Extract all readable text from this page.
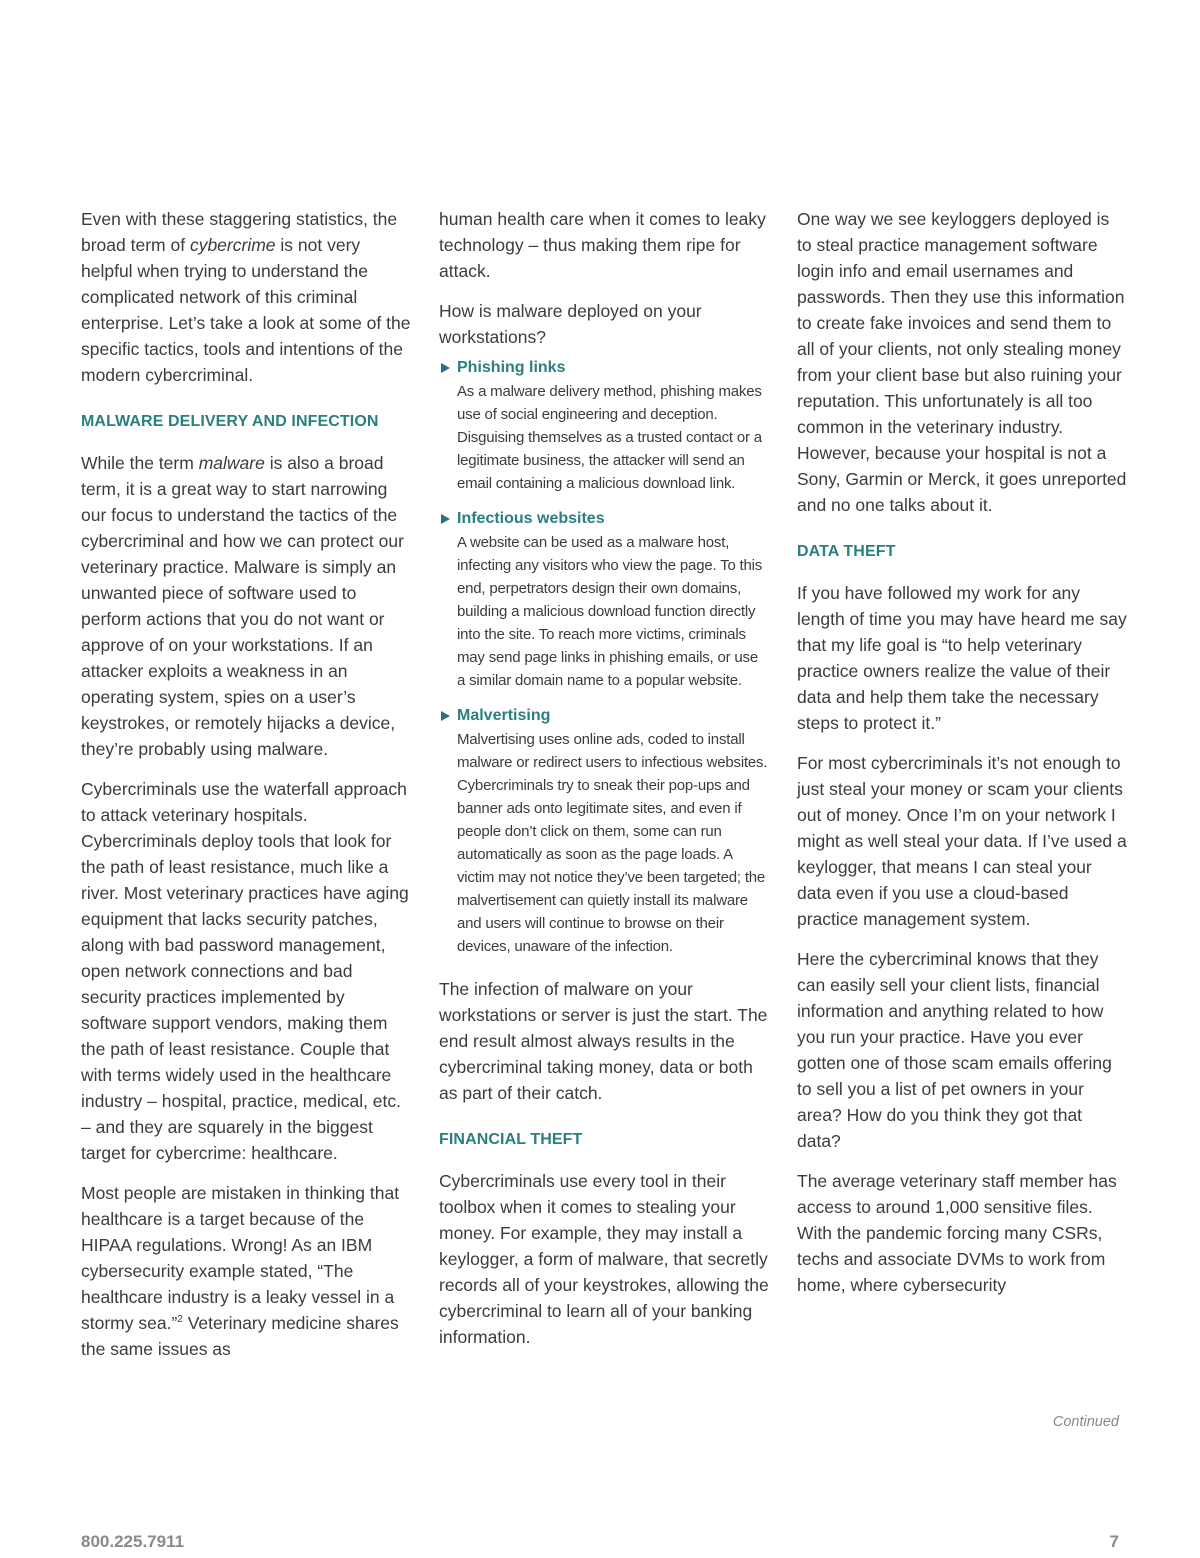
Even with these staggering statistics, the broad term of cybercrime is not very helpful when trying to understand the complicated network of this criminal enterprise. Let’s take a look at some of the specific tactics, tools and intentions of the modern cybercriminal.

MALWARE DELIVERY AND INFECTION

While the term malware is also a broad term, it is a great way to start narrowing our focus to understand the tactics of the cybercriminal and how we can protect our veterinary practice. Malware is simply an unwanted piece of software used to perform actions that you do not want or approve of on your workstations. If an attacker exploits a weakness in an operating system, spies on a user’s keystrokes, or remotely hijacks a device, they’re probably using malware.

Cybercriminals use the waterfall approach to attack veterinary hospitals. Cybercriminals deploy tools that look for the path of least resistance, much like a river. Most veterinary practices have aging equipment that lacks security patches, along with bad password management, open network connections and bad security practices implemented by software support vendors, making them the path of least resistance. Couple that with terms widely used in the healthcare industry – hospital, practice, medical, etc. – and they are squarely in the biggest target for cybercrime: healthcare.

Most people are mistaken in thinking that healthcare is a target because of the HIPAA regulations. Wrong! As an IBM cybersecurity example stated, “The healthcare industry is a leaky vessel in a stormy sea.”$^2$ Veterinary medicine shares the same issues as

human health care when it comes to leaky technology – thus making them ripe for attack.

How is malware deployed on your workstations?

Phishing links
As a malware delivery method, phishing makes use of social engineering and deception. Disguising themselves as a trusted contact or a legitimate business, the attacker will send an email containing a malicious download link.
Infectious websites
A website can be used as a malware host, infecting any visitors who view the page. To this end, perpetrators design their own domains, building a malicious download function directly into the site. To reach more victims, criminals may send page links in phishing emails, or use a similar domain name to a popular website.
Malvertising
Malvertising uses online ads, coded to install malware or redirect users to infectious websites. Cybercriminals try to sneak their pop-ups and banner ads onto legitimate sites, and even if people don’t click on them, some can run automatically as soon as the page loads. A victim may not notice they’ve been targeted; the malvertisement can quietly install its malware and users will continue to browse on their devices, unaware of the infection.

The infection of malware on your workstations or server is just the start. The end result almost always results in the cybercriminal taking money, data or both as part of their catch.

FINANCIAL THEFT

Cybercriminals use every tool in their toolbox when it comes to stealing your money. For example, they may install a keylogger, a form of malware, that secretly records all of your keystrokes, allowing the cybercriminal to learn all of your banking information.

One way we see keyloggers deployed is to steal practice management software login info and email usernames and passwords. Then they use this information to create fake invoices and send them to all of your clients, not only stealing money from your client base but also ruining your reputation. This unfortunately is all too common in the veterinary industry. However, because your hospital is not a Sony, Garmin or Merck, it goes unreported and no one talks about it.

DATA THEFT

If you have followed my work for any length of time you may have heard me say that my life goal is “to help veterinary practice owners realize the value of their data and help them take the necessary steps to protect it.”

For most cybercriminals it’s not enough to just steal your money or scam your clients out of money. Once I’m on your network I might as well steal your data. If I’ve used a keylogger, that means I can steal your data even if you use a cloud-based practice management system.

Here the cybercriminal knows that they can easily sell your client lists, financial information and anything related to how you run your practice. Have you ever gotten one of those scam emails offering to sell you a list of pet owners in your area? How do you think they got that data?

The average veterinary staff member has access to around 1,000 sensitive files. With the pandemic forcing many CSRs, techs and associate DVMs to work from home, where cybersecurity

Continued
800.225.7911	7
